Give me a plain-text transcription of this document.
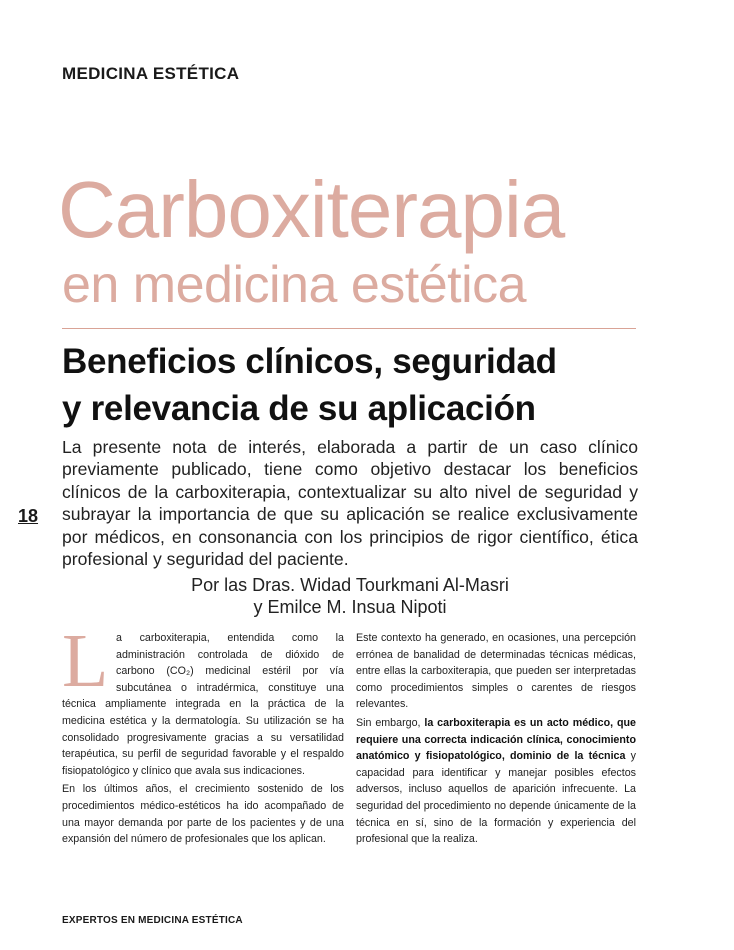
MEDICINA ESTÉTICA
Carboxiterapia
en medicina estética
Beneficios clínicos, seguridad
y relevancia de su aplicación
La presente nota de interés, elaborada a partir de un caso clínico previamente publicado, tiene como objetivo destacar los beneficios clínicos de la carboxiterapia, contextualizar su alto nivel de seguridad y subrayar la importancia de que su aplicación se realice exclusivamente por médicos, en consonancia con los principios de rigor científico, ética profesional y seguridad del paciente.
18
Por las Dras. Widad Tourkmani Al-Masri
y Emilce M. Insua Nipoti
L a carboxiterapia, entendida como la administración controlada de dióxido de carbono (CO₂) medicinal estéril por vía subcutánea o intradérmica, constituye una técnica ampliamente integrada en la práctica de la medicina estética y la dermatología. Su utilización se ha consolidado progresivamente gracias a su versatilidad terapéutica, su perfil de seguridad favorable y el respaldo fisiopatológico y clínico que avala sus indicaciones.

En los últimos años, el crecimiento sostenido de los procedimientos médico-estéticos ha ido acompañado de una mayor demanda por parte de los pacientes y de una expansión del número de profesionales que los aplican.

Este contexto ha generado, en ocasiones, una percepción errónea de banalidad de determinadas técnicas médicas, entre ellas la carboxiterapia, que pueden ser interpretadas como procedimientos simples o carentes de riesgos relevantes.

Sin embargo, la carboxiterapia es un acto médico, que requiere una correcta indicación clínica, conocimiento anatómico y fisiopatológico, dominio de la técnica y capacidad para identificar y manejar posibles efectos adversos, incluso aquellos de aparición infrecuente. La seguridad del procedimiento no depende únicamente de la técnica en sí, sino de la formación y experiencia del profesional que la realiza.

EXPERTOS EN MEDICINA ESTÉTICA
